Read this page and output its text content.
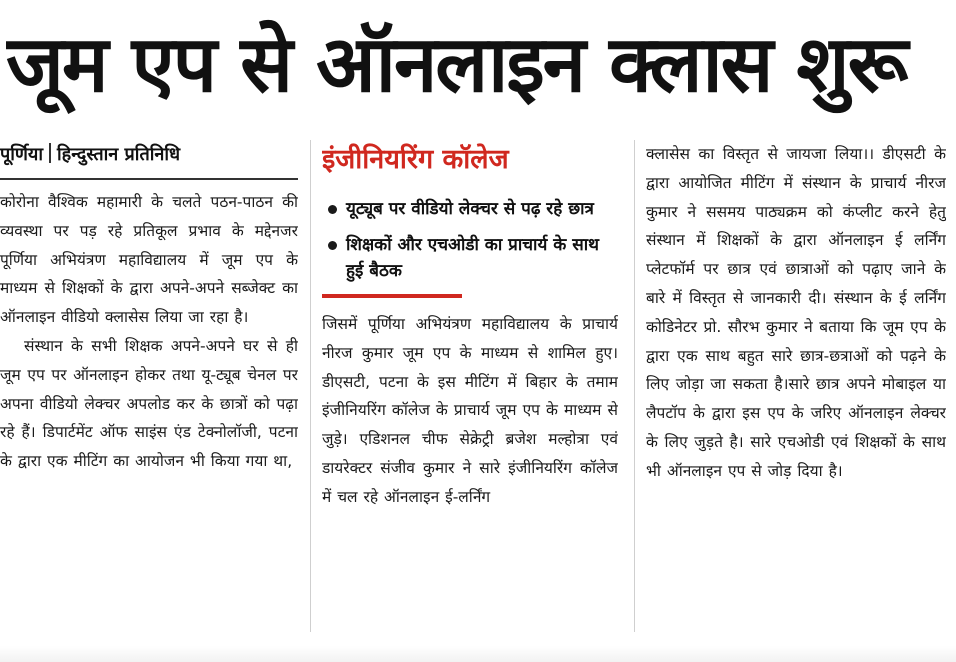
जूम एप से ऑनलाइन क्लास शुरू
पूर्णिया हिन्दुस्तान प्रतिनिधि

कोरोना वैश्विक महामारी के चलते पठन-पाठन की व्यवस्था पर पड़ रहे प्रतिकूल प्रभाव के मद्देनजर पूर्णिया अभियंत्रण महाविद्यालय में जूम एप के माध्यम से शिक्षकों के द्वारा अपने-अपने सब्जेक्ट का ऑनलाइन वीडियो क्लासेस लिया जा रहा है।

संस्थान के सभी शिक्षक अपने-अपने घर से ही जूम एप पर ऑनलाइन होकर तथा यू-ट्यूब चेनल पर अपना वीडियो लेक्चर अपलोड कर के छात्रों को पढ़ा रहे हैं। डिपार्टमेंट ऑफ साइंस एंड टेक्नोलॉजी, पटना के द्वारा एक मीटिंग का आयोजन भी किया गया था,

इंजीनियरिंग कॉलेज
यूट्यूब पर वीडियो लेक्चर से पढ़ रहे छात्र
शिक्षकों और एचओडी का प्राचार्य के साथ हुई बैठक

जिसमें पूर्णिया अभियंत्रण महाविद्यालय के प्राचार्य नीरज कुमार जूम एप के माध्यम से शामिल हुए। डीएसटी, पटना के इस मीटिंग में बिहार के तमाम इंजीनियरिंग कॉलेज के प्राचार्य जूम एप के माध्यम से जुड़े। एडिशनल चीफ सेक्रेट्री ब्रजेश मल्होत्रा एवं डायरेक्टर संजीव कुमार ने सारे इंजीनियरिंग कॉलेज में चल रहे ऑनलाइन ई-लर्निंग

क्लासेस का विस्तृत से जायजा लिया।। डीएसटी के द्वारा आयोजित मीटिंग में संस्थान के प्राचार्य नीरज कुमार ने ससमय पाठ्यक्रम को कंप्लीट करने हेतु संस्थान में शिक्षकों के द्वारा ऑनलाइन ई लर्निंग प्लेटफॉर्म पर छात्र एवं छात्राओं को पढ़ाए जाने के बारे में विस्तृत से जानकारी दी। संस्थान के ई लर्निंग कोडिनेटर प्रो. सौरभ कुमार ने बताया कि जूम एप के द्वारा एक साथ बहुत सारे छात्र-छत्राओं को पढ़ने के लिए जोड़ा जा सकता है।सारे छात्र अपने मोबाइल या लैपटॉप के द्वारा इस एप के जरिए ऑनलाइन लेक्चर के लिए जुड़ते है। सारे एचओडी एवं शिक्षकों के साथ भी ऑनलाइन एप से जोड़ दिया है।
